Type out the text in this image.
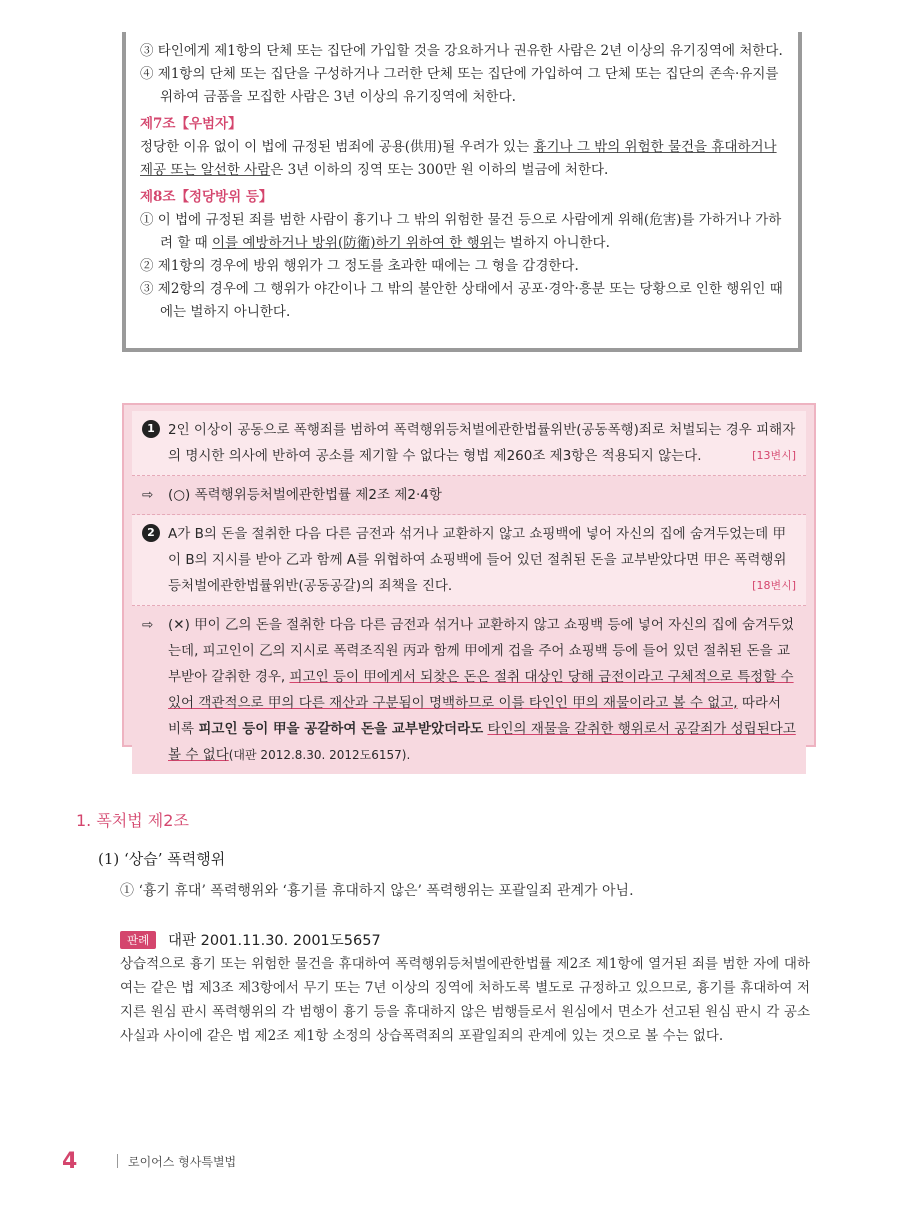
③ 타인에게 제1항의 단체 또는 집단에 가입할 것을 강요하거나 권유한 사람은 2년 이상의 유기징역에 처한다.

④ 제1항의 단체 또는 집단을 구성하거나 그러한 단체 또는 집단에 가입하여 그 단체 또는 집단의 존속·유지를 위하여 금품을 모집한 사람은 3년 이상의 유기징역에 처한다.

제7조【우범자】

정당한 이유 없이 이 법에 규정된 범죄에 공용(供用)될 우려가 있는 흉기나 그 밖의 위험한 물건을 휴대하거나 제공 또는 알선한 사람은 3년 이하의 징역 또는 300만 원 이하의 벌금에 처한다.

제8조【정당방위 등】

① 이 법에 규정된 죄를 범한 사람이 흉기나 그 밖의 위험한 물건 등으로 사람에게 위해(危害)를 가하거나 가하려 할 때 이를 예방하거나 방위(防衛)하기 위하여 한 행위는 벌하지 아니한다.

② 제1항의 경우에 방위 행위가 그 정도를 초과한 때에는 그 형을 감경한다.

③ 제2항의 경우에 그 행위가 야간이나 그 밖의 불안한 상태에서 공포·경악·흥분 또는 당황으로 인한 행위인 때에는 벌하지 아니한다.

1 2인 이상이 공동으로 폭행죄를 범하여 폭력행위등처벌에관한법률위반(공동폭행)죄로 처벌되는 경우 피해자의 명시한 의사에 반하여 공소를 제기할 수 없다는 형법 제260조 제3항은 적용되지 않는다.	[13변시]
⇨ (○) 폭력행위등처벌에관한법률 제2조 제2·4항
2 A가 B의 돈을 절취한 다음 다른 금전과 섞거나 교환하지 않고 쇼핑백에 넣어 자신의 집에 숨겨두었는데 甲이 B의 지시를 받아 乙과 함께 A를 위협하여 쇼핑백에 들어 있던 절취된 돈을 교부받았다면 甲은 폭력행위등처벌에관한법률위반(공동공갈)의 죄책을 진다.	[18변시]
⇨ (✕) 甲이 乙의 돈을 절취한 다음 다른 금전과 섞거나 교환하지 않고 쇼핑백 등에 넣어 자신의 집에 숨겨두었는데, 피고인이 乙의 지시로 폭력조직원 丙과 함께 甲에게 겁을 주어 쇼핑백 등에 들어 있던 절취된 돈을 교부받아 갈취한 경우, 피고인 등이 甲에게서 되찾은 돈은 절취 대상인 당해 금전이라고 구체적으로 특정할 수 있어 객관적으로 甲의 다른 재산과 구분됨이 명백하므로 이를 타인인 甲의 재물이라고 볼 수 없고, 따라서 비록 피고인 등이 甲을 공갈하여 돈을 교부받았더라도 타인의 재물을 갈취한 행위로서 공갈죄가 성립된다고 볼 수 없다(대판 2012.8.30. 2012도6157).
1. 폭처법 제2조
(1) ‘상습’ 폭력행위
① ‘흉기 휴대’ 폭력행위와 ‘흉기를 휴대하지 않은’ 폭력행위는 포괄일죄 관계가 아님.
판례	대판 2001.11.30. 2001도5657
상습적으로 흉기 또는 위험한 물건을 휴대하여 폭력행위등처벌에관한법률 제2조 제1항에 열거된 죄를 범한 자에 대하여는 같은 법 제3조 제3항에서 무기 또는 7년 이상의 징역에 처하도록 별도로 규정하고 있으므로, 흉기를 휴대하여 저지른 원심 판시 폭력행위의 각 범행이 흉기 등을 휴대하지 않은 범행들로서 원심에서 면소가 선고된 원심 판시 각 공소사실과 사이에 같은 법 제2조 제1항 소정의 상습폭력죄의 포괄일죄의 관계에 있는 것으로 볼 수는 없다.
4	로이어스 형사특별법
